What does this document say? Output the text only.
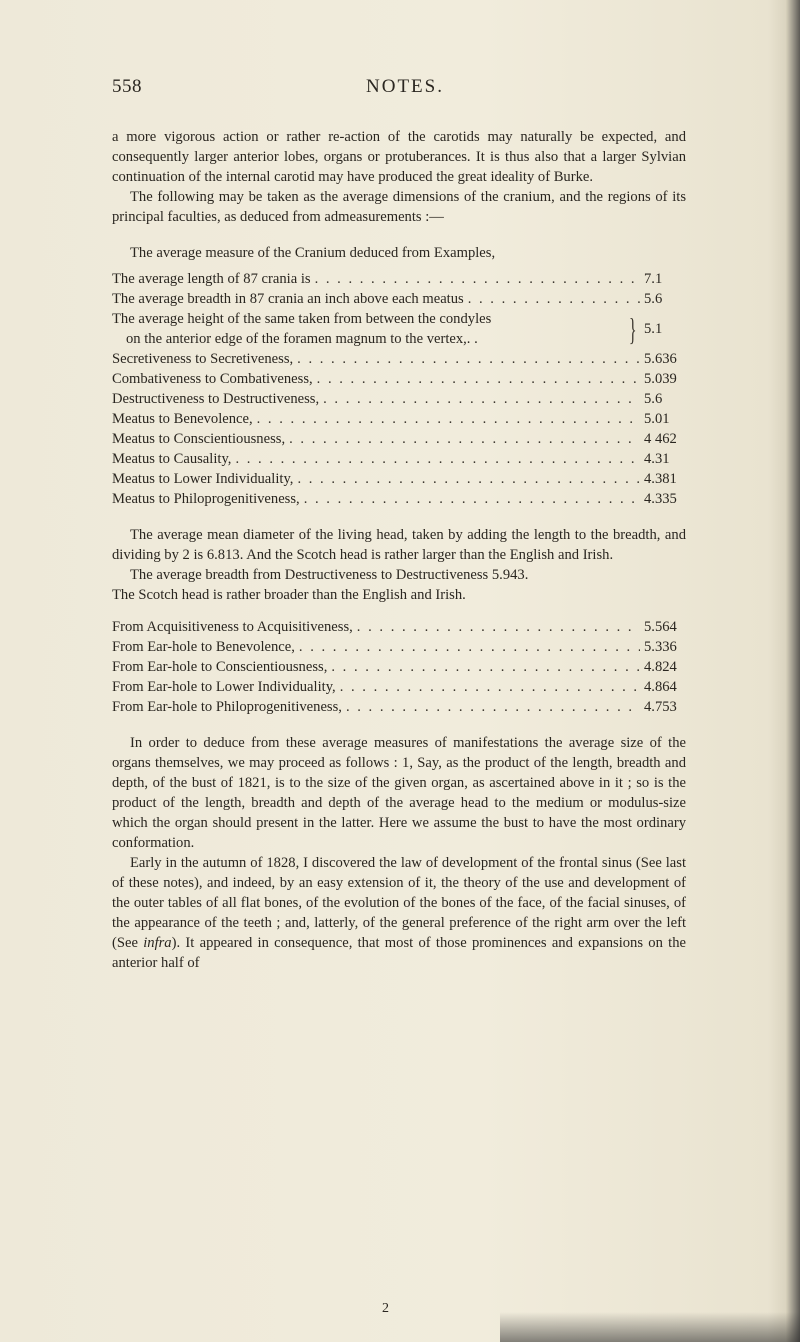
558	NOTES.

a more vigorous action or rather re-action of the carotids may naturally be expected, and consequently larger anterior lobes, organs or protuberances. It is thus also that a larger Sylvian continuation of the internal carotid may have produced the great ideality of Burke.

The following may be taken as the average dimensions of the cranium, and the regions of its principal faculties, as deduced from admeasurements :—

The average measure of the Cranium deduced from Examples,

The average length of 87 crania is . . .	7.1
The average breadth in 87 crania an inch above each meatus . . .	5.6
The average height of the same taken from between the condyles
on the anterior edge of the foramen magnum to the vertex,. .	} 5.1
Secretiveness to Secretiveness, . . .	5.636
Combativeness to Combativeness, . . .	5.039
Destructiveness to Destructiveness, . . .	5.6
Meatus to Benevolence, . . .	5.01
Meatus to Conscientiousness, . . .	4 462
Meatus to Causality, . . .	4.31
Meatus to Lower Individuality, . . .	4.381
Meatus to Philoprogenitiveness, . . .	4.335

The average mean diameter of the living head, taken by adding the length to the breadth, and dividing by 2 is 6.813. And the Scotch head is rather larger than the English and Irish.

The average breadth from Destructiveness to Destructiveness 5.943.

The Scotch head is rather broader than the English and Irish.

From Acquisitiveness to Acquisitiveness, . . .	5.564
From Ear-hole to Benevolence, . . .	5.336
From Ear-hole to Conscientiousness, . . .	4.824
From Ear-hole to Lower Individuality, . . .	4.864
From Ear-hole to Philoprogenitiveness, . . .	4.753

In order to deduce from these average measures of manifestations the average size of the organs themselves, we may proceed as follows : 1, Say, as the product of the length, breadth and depth, of the bust of 1821, is to the size of the given organ, as ascertained above in it ; so is the product of the length, breadth and depth of the average head to the medium or modulus-size which the organ should present in the latter. Here we assume the bust to have the most ordinary conformation.

Early in the autumn of 1828, I discovered the law of development of the frontal sinus (See last of these notes), and indeed, by an easy extension of it, the theory of the use and development of the outer tables of all flat bones, of the evolution of the bones of the face, of the facial sinuses, of the appearance of the teeth ; and, latterly, of the general preference of the right arm over the left (See infra). It appeared in consequence, that most of those prominences and expansions on the anterior half of

2
